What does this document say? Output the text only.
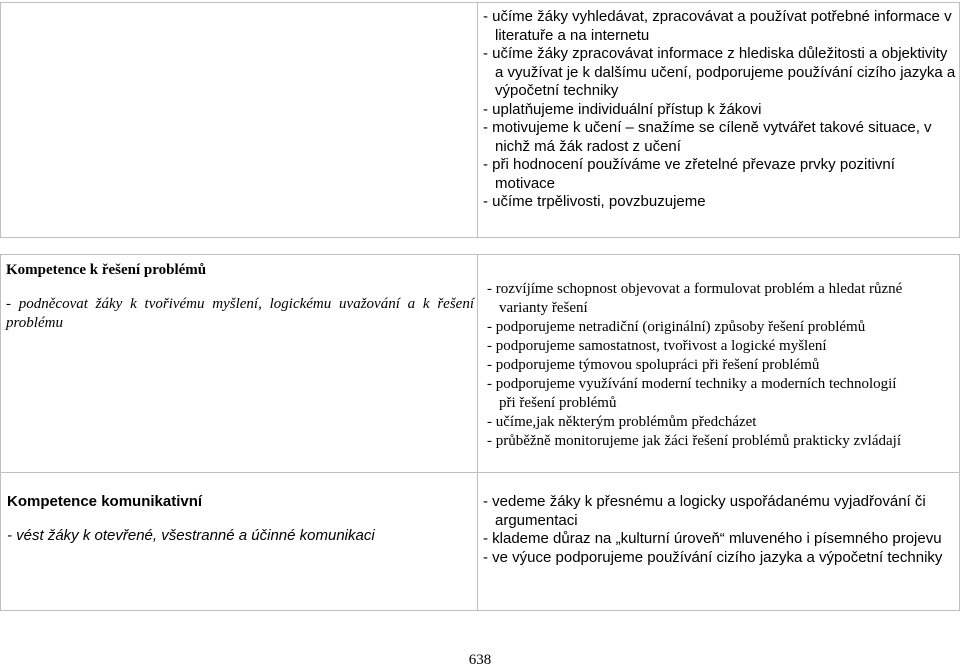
- učíme žáky vyhledávat, zpracovávat a používat potřebné informace v literatuře a na internetu
- učíme žáky zpracovávat informace z hlediska důležitosti a objektivity a využívat je k dalšímu učení, podporujeme používání cizího jazyka a výpočetní techniky
- uplatňujeme individuální přístup k žákovi
- motivujeme k učení – snažíme se cíleně vytvářet takové situace, v nichž má žák radost z učení
- při hodnocení používáme ve zřetelné převaze prvky pozitivní motivace
- učíme trpělivosti, povzbuzujeme
Kompetence k řešení problémů
- podněcovat žáky k tvořivému myšlení, logickému uvažování a k řešení problému
- rozvíjíme schopnost objevovat a formulovat problém a hledat různé varianty řešení
- podporujeme netradiční (originální) způsoby řešení problémů
- podporujeme samostatnost, tvořivost a logické myšlení
- podporujeme týmovou spolupráci při řešení problémů
- podporujeme využívání moderní techniky a moderních technologií při řešení problémů
- učíme,jak některým problémům předcházet
- průběžně monitorujeme jak žáci řešení problémů prakticky zvládají
Kompetence komunikativní
- vést žáky k otevřené, všestranné a účinné komunikaci
- vedeme žáky k přesnému a logicky uspořádanému vyjadřování či argumentaci
- klademe důraz na „kulturní úroveň“ mluveného i písemného projevu
- ve výuce podporujeme používání cizího jazyka a výpočetní techniky
638
